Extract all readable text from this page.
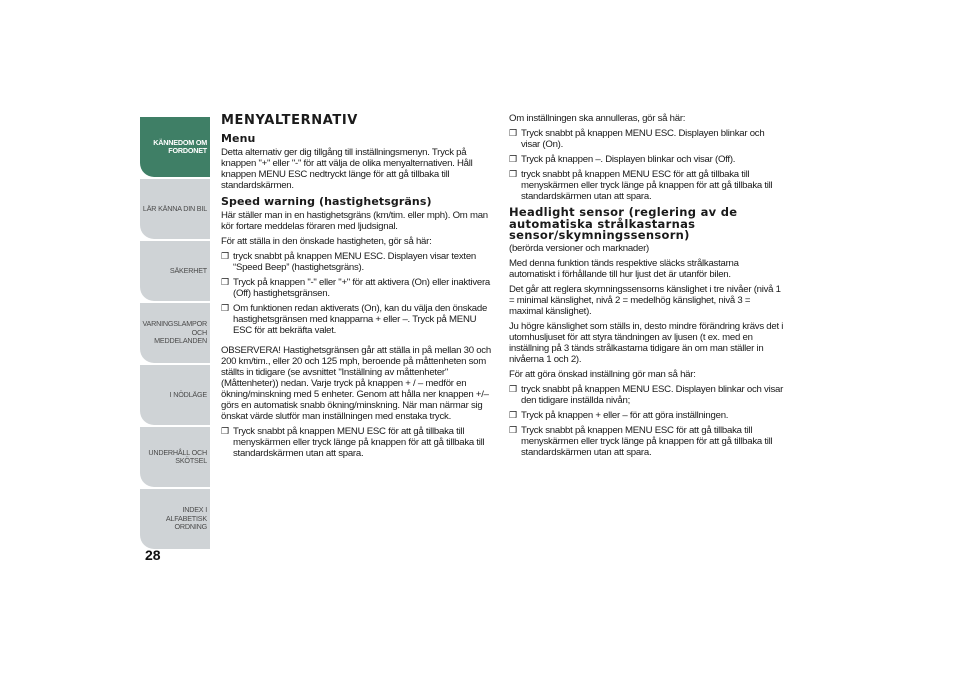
KÄNNEDOM OM FORDONET
LÄR KÄNNA DIN BIL
SÄKERHET
VARNINGSLAMPOR OCH MEDDELANDEN
I NÖDLÄGE
UNDERHÅLL OCH SKÖTSEL
INDEX I ALFABETISK ORDNING
28
MENYALTERNATIV
Menu

Detta alternativ ger dig tillgång till inställningsmenyn. Tryck på knappen "+" eller "-" för att välja de olika menyalternativen. Håll knappen MENU ESC nedtryckt länge för att gå tillbaka till standardskärmen.

Speed warning (hastighetsgräns)

Här ställer man in en hastighetsgräns (km/tim. eller mph). Om man kör fortare meddelas föraren med ljudsignal.

För att ställa in den önskade hastigheten, gör så här:

❒ tryck snabbt på knappen MENU ESC. Displayen visar texten “Speed Beep” (hastighetsgräns).
❒ Tryck på knappen "-" eller "+" för att aktivera (On) eller inaktivera (Off) hastighetsgränsen.
❒ Om funktionen redan aktiverats (On), kan du välja den önskade hastighetsgränsen med knapparna + eller –. Tryck på MENU ESC för att bekräfta valet.

OBSERVERA! Hastighetsgränsen går att ställa in på mellan 30 och 200 km/tim., eller 20 och 125 mph, beroende på måttenheten som ställts in tidigare (se avsnittet "Inställning av måttenheter" (Måttenheter)) nedan. Varje tryck på knappen + / – medför en ökning/minskning med 5 enheter. Genom att hålla ner knappen +/– görs en automatisk snabb ökning/minskning. När man närmar sig önskat värde slutför man inställningen med enstaka tryck.

❒ Tryck snabbt på knappen MENU ESC för att gå tillbaka till menyskärmen eller tryck länge på knappen för att gå tillbaka till standardskärmen utan att spara.

Om inställningen ska annulleras, gör så här:

❒ Tryck snabbt på knappen MENU ESC. Displayen blinkar och visar (On).
❒ Tryck på knappen –. Displayen blinkar och visar (Off).
❒ tryck snabbt på knappen MENU ESC för att gå tillbaka till menyskärmen eller tryck länge på knappen för att gå tillbaka till standardskärmen utan att spara.
Headlight sensor (reglering av de automatiska strålkastarnas sensor/skymningssensorn)

(berörda versioner och marknader)

Med denna funktion tänds respektive släcks strålkastarna automatiskt i förhållande till hur ljust det är utanför bilen.

Det går att reglera skymningssensorns känslighet i tre nivåer (nivå 1 = minimal känslighet, nivå 2 = medelhög känslighet, nivå 3 = maximal känslighet).

Ju högre känslighet som ställs in, desto mindre förändring krävs det i utomhusljuset för att styra tändningen av ljusen (t ex. med en inställning på 3 tänds strålkastarna tidigare än om man ställer in nivåerna 1 och 2).

För att göra önskad inställning gör man så här:

❒ tryck snabbt på knappen MENU ESC. Displayen blinkar och visar den tidigare inställda nivån;
❒ Tryck på knappen + eller – för att göra inställningen.
❒ Tryck snabbt på knappen MENU ESC för att gå tillbaka till menyskärmen eller tryck länge på knappen för att gå tillbaka till standardskärmen utan att spara.
